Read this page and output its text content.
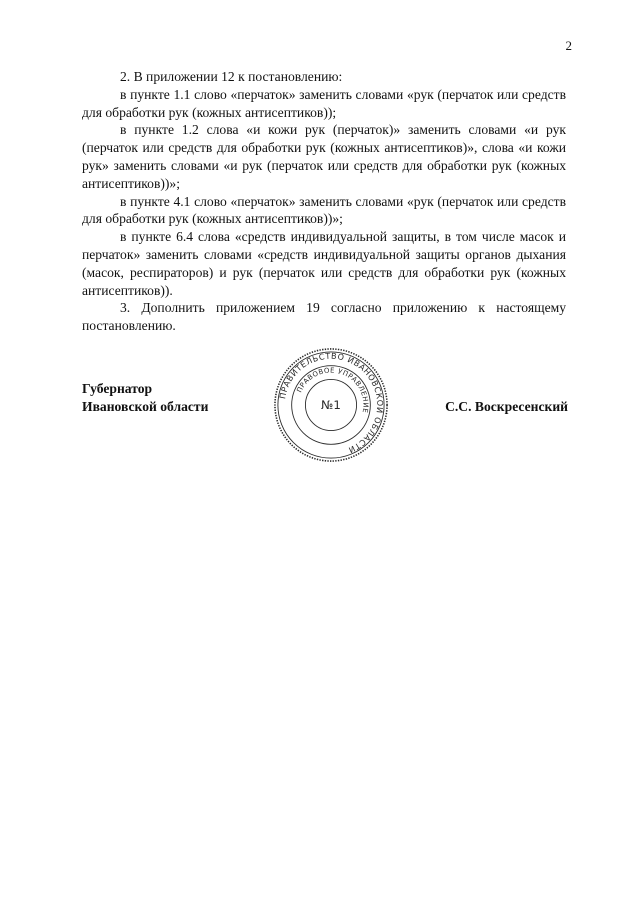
2

2. В приложении 12 к постановлению:

в пункте 1.1 слово «перчаток» заменить словами «рук (перчаток или средств для обработки рук (кожных антисептиков));

в пункте 1.2 слова «и кожи рук (перчаток)» заменить словами «и рук (перчаток или средств для обработки рук (кожных антисептиков)», слова «и кожи рук» заменить словами «и рук (перчаток или средств для обработки рук (кожных антисептиков))»;

в пункте 4.1 слово «перчаток» заменить словами «рук (перчаток или средств для обработки рук (кожных антисептиков))»;

в пункте 6.4 слова «средств индивидуальной защиты, в том числе масок и перчаток» заменить словами «средств индивидуальной защиты органов дыхания (масок, респираторов) и рук (перчаток или средств для обработки рук (кожных антисептиков)).

3. Дополнить приложением 19 согласно приложению к настоящему постановлению.

Губернатор
Ивановской области	С.С. Воскресенский
ПРАВИТЕЛЬСТВО ИВАНОВСКОЙ ОБЛАСТИ
ПРАВОВОЕ УПРАВЛЕНИЕ
№1
